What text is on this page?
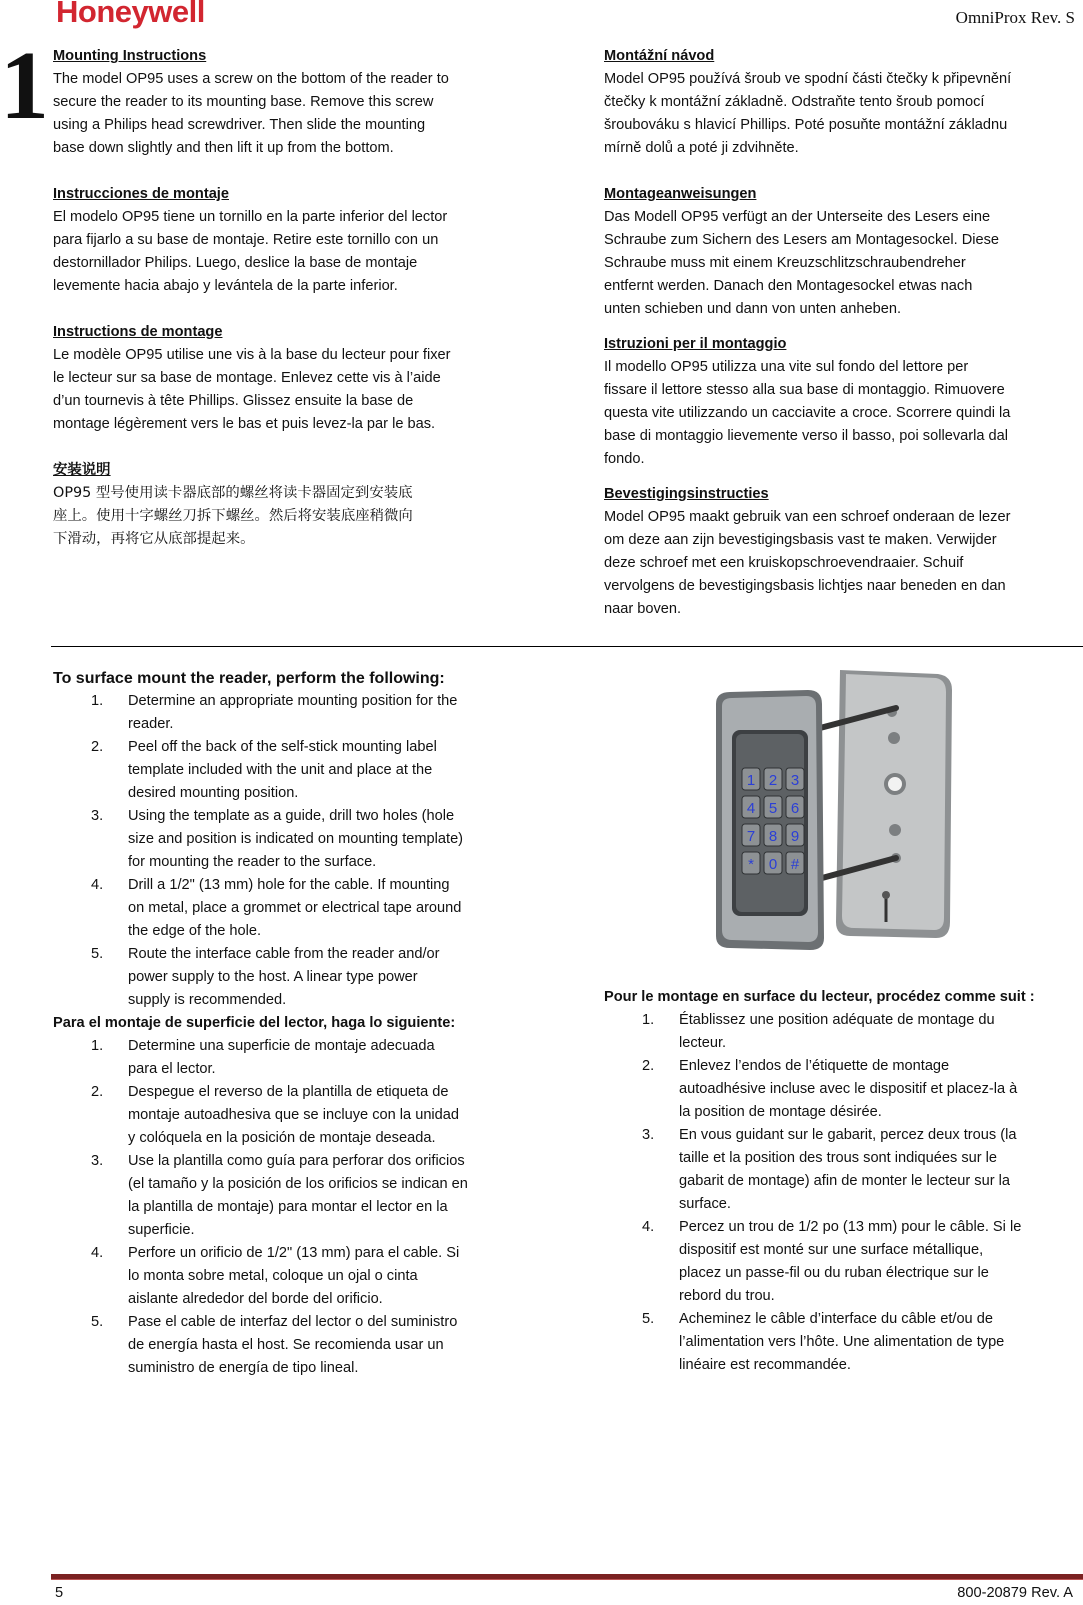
Honeywell	OmniProx Rev. S
1 Mounting Instructions

The model OP95 uses a screw on the bottom of the reader to

secure the reader to its mounting base. Remove this screw

using a Philips head screwdriver. Then slide the mounting

base down slightly and then lift it up from the bottom.

Instrucciones de montaje

El modelo OP95 tiene un tornillo en la parte inferior del lector

para fijarlo a su base de montaje. Retire este tornillo con un

destornillador Philips. Luego, deslice la base de montaje

levemente hacia abajo y levántela de la parte inferior.

Instructions de montage

Le modèle OP95 utilise une vis à la base du lecteur pour fixer

le lecteur sur sa base de montage. Enlevez cette vis à l’aide

d’un tournevis à tête Phillips. Glissez ensuite la base de

montage légèrement vers le bas et puis levez-la par le bas.

安装说明

OP95 型号使用读卡器底部的螺丝将读卡器固定到安装底

座上。使用十字螺丝刀拆下螺丝。然后将安装底座稍微向

下滑动，再将它从底部提起来。

Montážní návod

Model OP95 používá šroub ve spodní části čtečky k připevnění

čtečky k montážní základně. Odstraňte tento šroub pomocí

šroubováku s hlavicí Phillips. Poté posuňte montážní základnu

mírně dolů a poté ji zdvihněte.

Montageanweisungen

Das Modell OP95 verfügt an der Unterseite des Lesers eine

Schraube zum Sichern des Lesers am Montagesockel. Diese

Schraube muss mit einem Kreuzschlitzschraubendreher

entfernt werden. Danach den Montagesockel etwas nach

unten schieben und dann von unten anheben.

Istruzioni per il montaggio

Il modello OP95 utilizza una vite sul fondo del lettore per

fissare il lettore stesso alla sua base di montaggio. Rimuovere

questa vite utilizzando un cacciavite a croce. Scorrere quindi la

base di montaggio lievemente verso il basso, poi sollevarla dal

fondo.

Bevestigingsinstructies

Model OP95 maakt gebruik van een schroef onderaan de lezer

om deze aan zijn bevestigingsbasis vast te maken. Verwijder

deze schroef met een kruiskopschroevendraaier. Schuif

vervolgens de bevestigingsbasis lichtjes naar beneden en dan

naar boven.

To surface mount the reader, perform the following:

1. Determine an appropriate mounting position for the
reader.
2. Peel off the back of the self-stick mounting label
template included with the unit and place at the
desired mounting position.
3. Using the template as a guide, drill two holes (hole
size and position is indicated on mounting template)
for mounting the reader to the surface.
4. Drill a 1/2" (13 mm) hole for the cable. If mounting
on metal, place a grommet or electrical tape around
the edge of the hole.
5. Route the interface cable from the reader and/or
power supply to the host. A linear type power
supply is recommended.

Para el montaje de superficie del lector, haga lo siguiente:

1. Determine una superficie de montaje adecuada
para el lector.
2. Despegue el reverso de la plantilla de etiqueta de
montaje autoadhesiva que se incluye con la unidad
y colóquela en la posición de montaje deseada.
3. Use la plantilla como guía para perforar dos orificios
(el tamaño y la posición de los orificios se indican en
la plantilla de montaje) para montar el lector en la
superficie.
4. Perfore un orificio de 1/2" (13 mm) para el cable. Si
lo monta sobre metal, coloque un ojal o cinta
aislante alrededor del borde del orificio.
5. Pase el cable de interfaz del lector o del suministro
de energía hasta el host. Se recomienda usar un
suministro de energía de tipo lineal.
1 2 3
4 5 6
7 8 9
* 0 #

Pour le montage en surface du lecteur, procédez comme suit :

1. Établissez une position adéquate de montage du
lecteur.
2. Enlevez l’endos de l’étiquette de montage
autoadhésive incluse avec le dispositif et placez-la à
la position de montage désirée.
3. En vous guidant sur le gabarit, percez deux trous (la
taille et la position des trous sont indiquées sur le
gabarit de montage) afin de monter le lecteur sur la
surface.
4. Percez un trou de 1/2 po (13 mm) pour le câble. Si le
dispositif est monté sur une surface métallique,
placez un passe-fil ou du ruban électrique sur le
rebord du trou.
5. Acheminez le câble d’interface du câble et/ou de
l’alimentation vers l’hôte. Une alimentation de type
linéaire est recommandée.
5	800-20879 Rev. A
